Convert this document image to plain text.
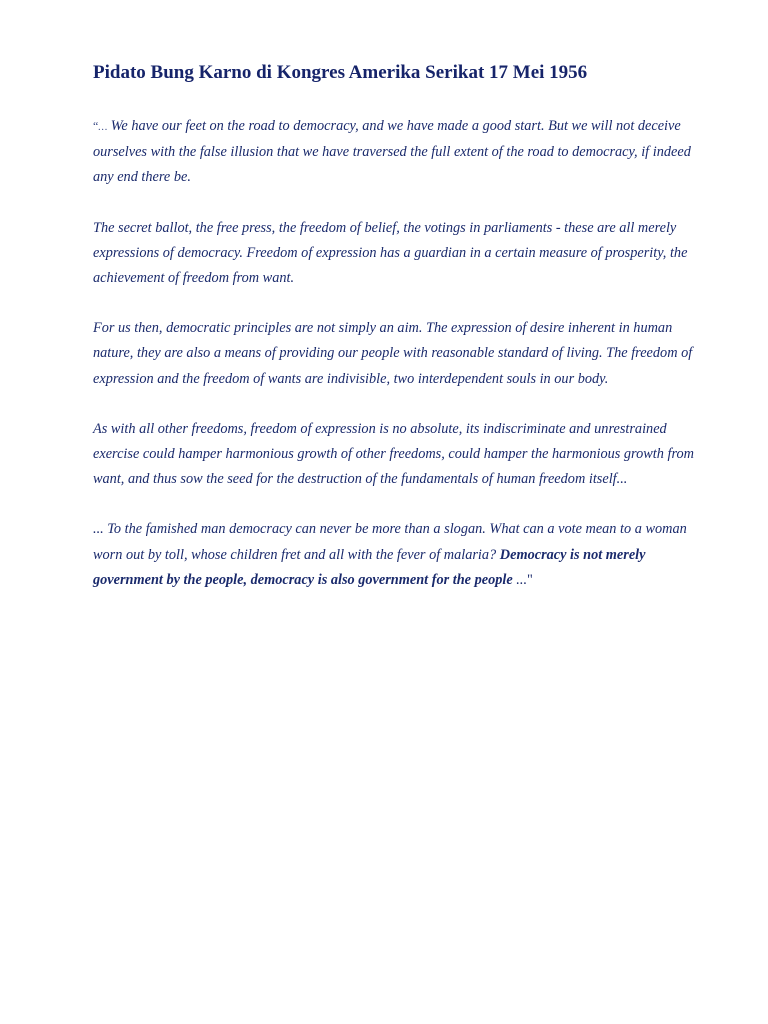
Pidato Bung Karno di Kongres Amerika Serikat 17 Mei 1956

“… We have our feet on the road to democracy, and we have made a good start. But we will not deceive ourselves with the false illusion that we have traversed the full extent of the road to democracy, if indeed any end there be.

The secret ballot, the free press, the freedom of belief, the votings in parliaments - these are all merely expressions of democracy. Freedom of expression has a guardian in a certain measure of prosperity, the achievement of freedom from want.

For us then, democratic principles are not simply an aim. The expression of desire inherent in human nature, they are also a means of providing our people with reasonable standard of living. The freedom of expression and the freedom of wants are indivisible, two interdependent souls in our body.

As with all other freedoms, freedom of expression is no absolute, its indiscriminate and unrestrained exercise could hamper harmonious growth of other freedoms, could hamper the harmonious growth from want, and thus sow the seed for the destruction of the fundamentals of human freedom itself...

... To the famished man democracy can never be more than a slogan. What can a vote mean to a woman worn out by toll, whose children fret and all with the fever of malaria? Democracy is not merely government by the people, democracy is also government for the people ..."
